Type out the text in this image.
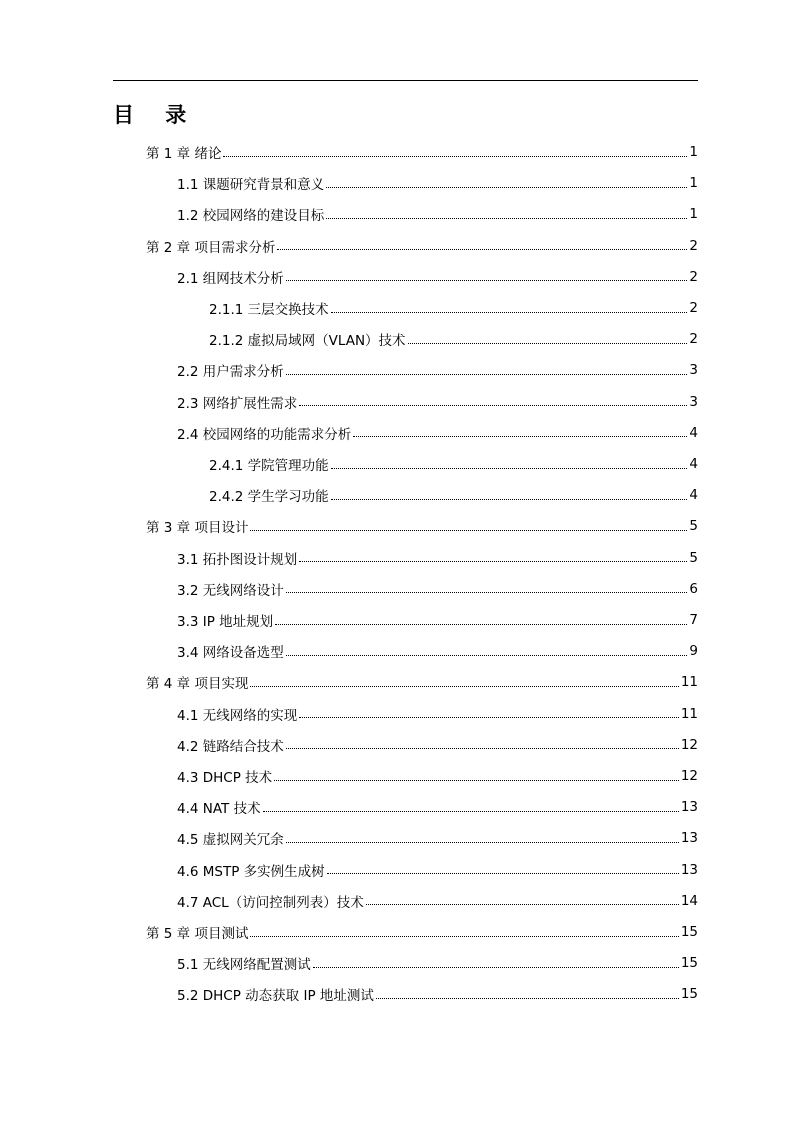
目 录
第 1 章 绪论	1
1.1 课题研究背景和意义	1
1.2 校园网络的建设目标	1
第 2 章 项目需求分析	2
2.1 组网技术分析	2
2.1.1 三层交换技术	2
2.1.2 虚拟局域网（VLAN）技术	2
2.2 用户需求分析	3
2.3 网络扩展性需求	3
2.4 校园网络的功能需求分析	4
2.4.1 学院管理功能	4
2.4.2 学生学习功能	4
第 3 章 项目设计	5
3.1 拓扑图设计规划	5
3.2 无线网络设计	6
3.3 IP 地址规划	7
3.4 网络设备选型	9
第 4 章 项目实现	11
4.1 无线网络的实现	11
4.2 链路结合技术	12
4.3 DHCP 技术	12
4.4 NAT 技术	13
4.5 虚拟网关冗余	13
4.6 MSTP 多实例生成树	13
4.7 ACL（访问控制列表）技术	14
第 5 章 项目测试	15
5.1 无线网络配置测试	15
5.2 DHCP 动态获取 IP 地址测试	15
